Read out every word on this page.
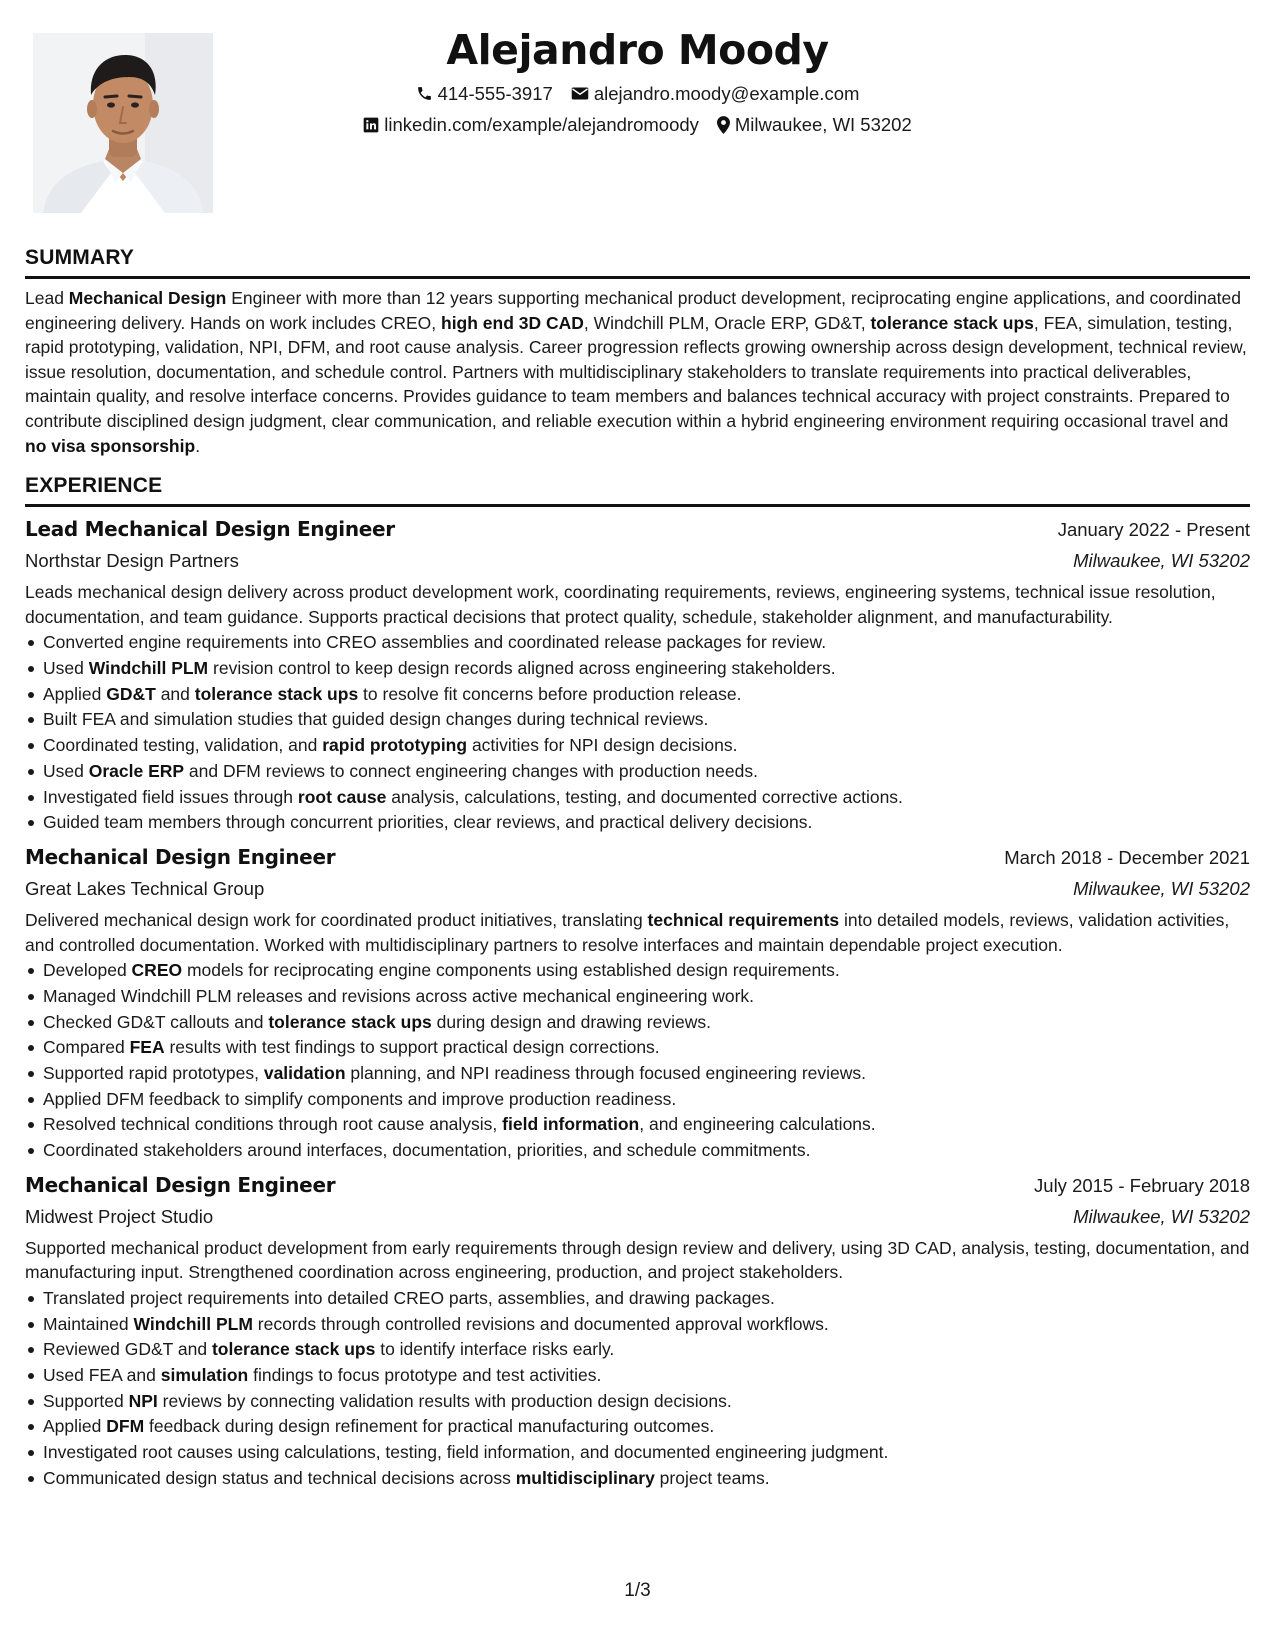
Alejandro Moody
414-555-3917 alejandro.moody@example.com
linkedin.com/example/alejandromoody Milwaukee, WI 53202
SUMMARY

Lead Mechanical Design Engineer with more than 12 years supporting mechanical product development, reciprocating engine applications, and coordinated engineering delivery. Hands on work includes CREO, high end 3D CAD, Windchill PLM, Oracle ERP, GD&T, tolerance stack ups, FEA, simulation, testing, rapid prototyping, validation, NPI, DFM, and root cause analysis. Career progression reflects growing ownership across design development, technical review, issue resolution, documentation, and schedule control. Partners with multidisciplinary stakeholders to translate requirements into practical deliverables, maintain quality, and resolve interface concerns. Provides guidance to team members and balances technical accuracy with project constraints. Prepared to contribute disciplined design judgment, clear communication, and reliable execution within a hybrid engineering environment requiring occasional travel and no visa sponsorship.

EXPERIENCE
Lead Mechanical Design Engineer	January 2022 - Present
Northstar Design Partners	Milwaukee, WI 53202

Leads mechanical design delivery across product development work, coordinating requirements, reviews, engineering systems, technical issue resolution, documentation, and team guidance. Supports practical decisions that protect quality, schedule, stakeholder alignment, and manufacturability.

Converted engine requirements into CREO assemblies and coordinated release packages for review.
Used Windchill PLM revision control to keep design records aligned across engineering stakeholders.
Applied GD&T and tolerance stack ups to resolve fit concerns before production release.
Built FEA and simulation studies that guided design changes during technical reviews.
Coordinated testing, validation, and rapid prototyping activities for NPI design decisions.
Used Oracle ERP and DFM reviews to connect engineering changes with production needs.
Investigated field issues through root cause analysis, calculations, testing, and documented corrective actions.
Guided team members through concurrent priorities, clear reviews, and practical delivery decisions.
Mechanical Design Engineer	March 2018 - December 2021
Great Lakes Technical Group	Milwaukee, WI 53202

Delivered mechanical design work for coordinated product initiatives, translating technical requirements into detailed models, reviews, validation activities, and controlled documentation. Worked with multidisciplinary partners to resolve interfaces and maintain dependable project execution.

Developed CREO models for reciprocating engine components using established design requirements.
Managed Windchill PLM releases and revisions across active mechanical engineering work.
Checked GD&T callouts and tolerance stack ups during design and drawing reviews.
Compared FEA results with test findings to support practical design corrections.
Supported rapid prototypes, validation planning, and NPI readiness through focused engineering reviews.
Applied DFM feedback to simplify components and improve production readiness.
Resolved technical conditions through root cause analysis, field information, and engineering calculations.
Coordinated stakeholders around interfaces, documentation, priorities, and schedule commitments.
Mechanical Design Engineer	July 2015 - February 2018
Midwest Project Studio	Milwaukee, WI 53202

Supported mechanical product development from early requirements through design review and delivery, using 3D CAD, analysis, testing, documentation, and manufacturing input. Strengthened coordination across engineering, production, and project stakeholders.

Translated project requirements into detailed CREO parts, assemblies, and drawing packages.
Maintained Windchill PLM records through controlled revisions and documented approval workflows.
Reviewed GD&T and tolerance stack ups to identify interface risks early.
Used FEA and simulation findings to focus prototype and test activities.
Supported NPI reviews by connecting validation results with production design decisions.
Applied DFM feedback during design refinement for practical manufacturing outcomes.
Investigated root causes using calculations, testing, field information, and documented engineering judgment.
Communicated design status and technical decisions across multidisciplinary project teams.
1/3
